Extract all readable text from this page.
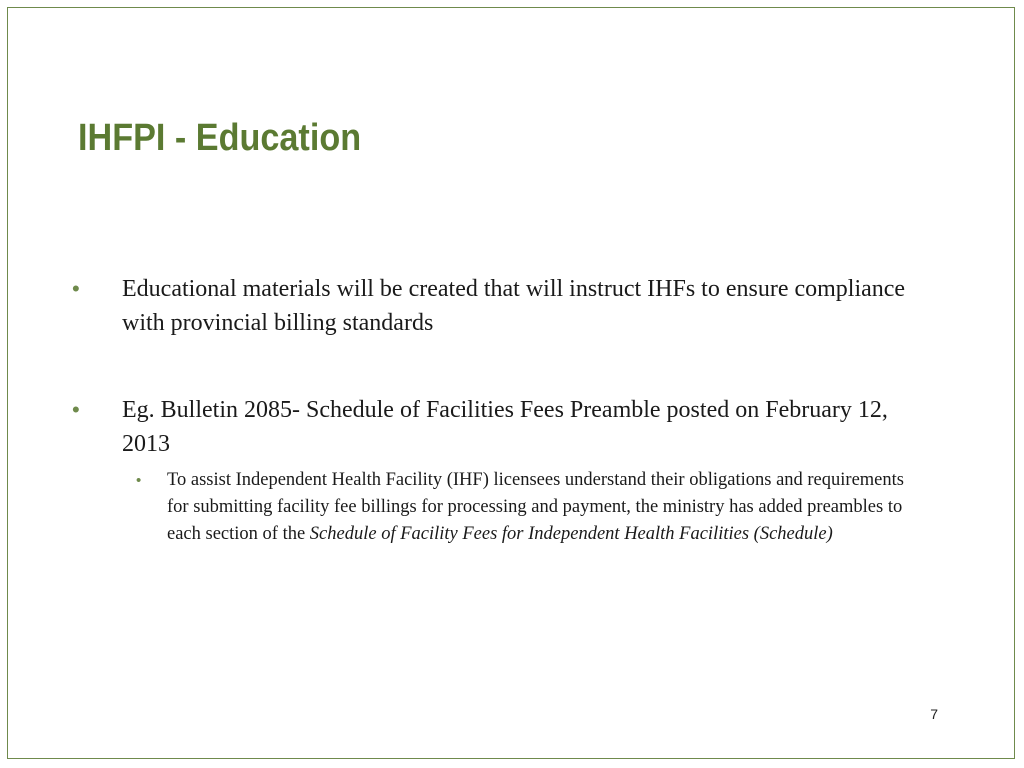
IHFPI - Education
•	Educational materials will be created that will instruct IHFs to ensure compliance with provincial billing standards
•	Eg. Bulletin 2085- Schedule of Facilities Fees Preamble posted on February 12, 2013
•	To assist Independent Health Facility (IHF) licensees understand their obligations and requirements for submitting facility fee billings for processing and payment, the ministry has added preambles to each section of the Schedule of Facility Fees for Independent Health Facilities (Schedule)
7
